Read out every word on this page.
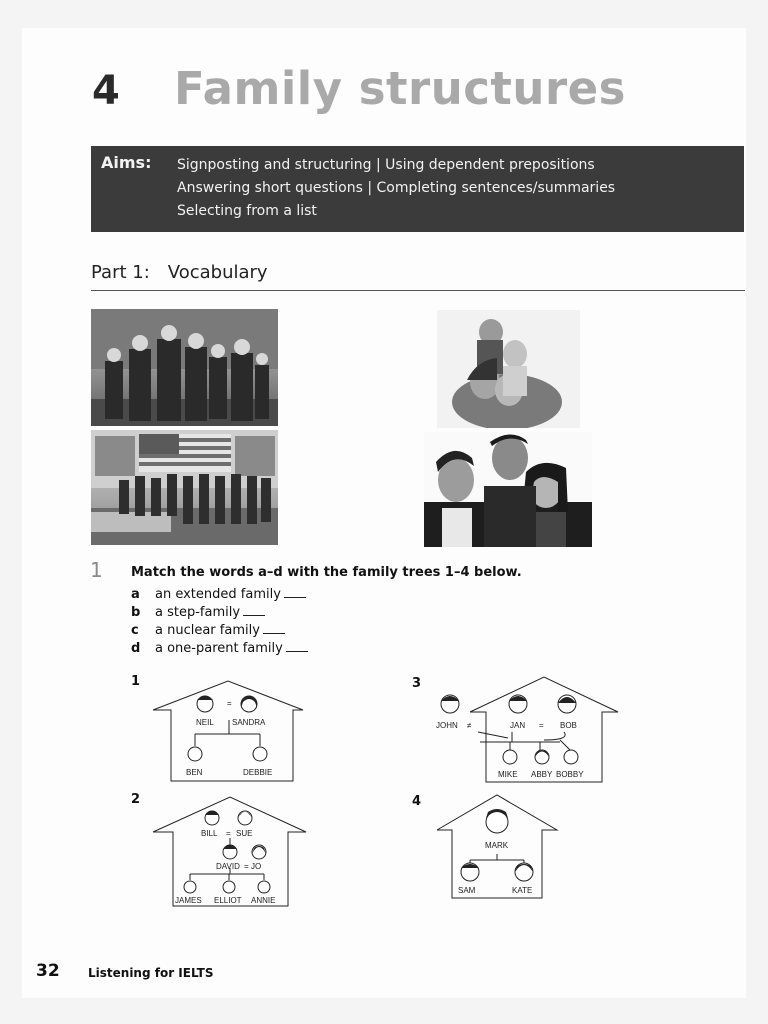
4 Family structures
Aims: Signposting and structuring | Using dependent prepositions
Answering short questions | Completing sentences/summaries
Selecting from a list
Part 1: Vocabulary
1 Match the words a–d with the family trees 1–4 below.
a an extended family
b a step-family
c a nuclear family
d a one-parent family
1	3
2	4
=
NEIL SANDRA
BEN	DEBBIE
BILL = SUE
DAVID = JO
JAMES ELLIOT ANNIE
JOHN ≠	JAN = BOB
MIKE ABBY BOBBY
MARK
SAM	KATE
32 Listening for IELTS
